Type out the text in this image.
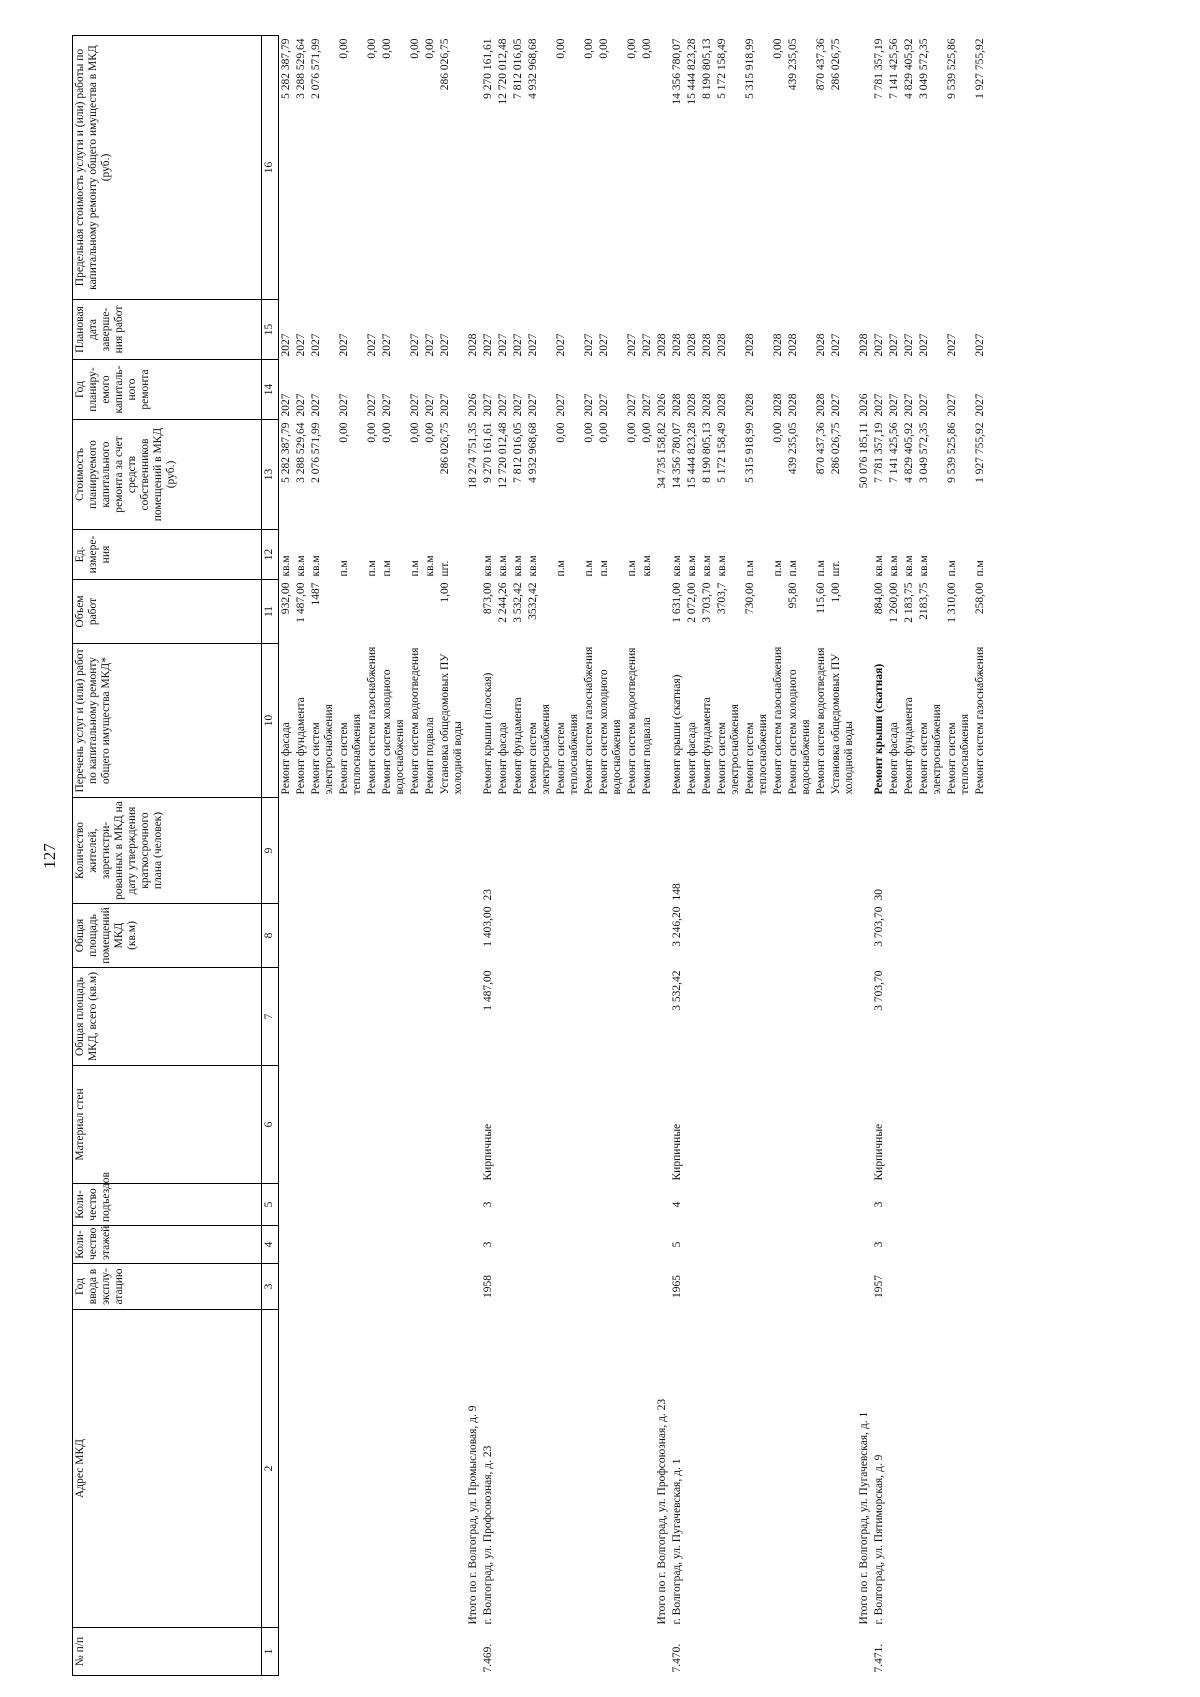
127
№ п/п	Адрес МКД	Год ввода в эксплу-атацию	Коли-чество этажей	Коли-чество подъездов	Материал стен	Общая площадь МКД, всего (кв.м)	Общая площадь помещений МКД (кв.м)	Количество жителей, зарегистри-рованных в МКД на дату утверждения краткосрочного плана (человек)	Перечень услуг и (или) работ по капитальному ремонту общего имущества МКД*	Объем работ	Ед. измере-ния	Стоимость планируемого капитального ремонта за счет средств собственников помещений в МКД (руб.)	Год планиру-емого капиталь-ного ремонта	Плановая дата заверше-ния работ	Предельная стоимость услуги и (или) работы по капитальному ремонту общего имущества в МКД (руб.)
1	2	3	4	5	6	7	8	9	10	11	12	13	14	15	16
									Ремонт фасада	932,00	кв.м	5 282 387,79	2027	2027	5 282 387,79
									Ремонт фундамента	1 487,00	кв.м	3 288 529,64	2027	2027	3 288 529,64
									Ремонт систем электроснабжения	1487	кв.м	2 076 571,99	2027	2027	2 076 571,99
									Ремонт систем теплоснабжения		п.м	0,00	2027	2027	0,00
									Ремонт систем газоснабжения		п.м	0,00	2027	2027	0,00
									Ремонт систем холодного водоснабжения		п.м	0,00	2027	2027	0,00
									Ремонт систем водоотведения		п.м	0,00	2027	2027	0,00
									Ремонт подвала		кв.м	0,00	2027	2027	0,00
									Установка общедомовых ПУ холодной воды	1,00	шт.	286 026,75	2027	2027	286 026,75
	Итого по г. Волгоград, ул. Промысловая, д. 9											18 274 751,35	2026	2028	
7.469.	г. Волгоград, ул. Профсоюзная, д. 23	1958	3	3	Кирпичные	1 487,00	1 403,00	23	Ремонт крыши (плоская)	873,00	кв.м	9 270 161,61	2027	2027	9 270 161,61
									Ремонт фасада	2 244,26	кв.м	12 720 012,48	2027	2027	12 720 012,48
									Ремонт фундамента	3 532,42	кв.м	7 812 016,05	2027	2027	7 812 016,05
									Ремонт систем электроснабжения	3532,42	кв.м	4 932 968,68	2027	2027	4 932 968,68
									Ремонт систем теплоснабжения		п.м	0,00	2027	2027	0,00
									Ремонт систем газоснабжения		п.м	0,00	2027	2027	0,00
									Ремонт систем холодного водоснабжения		п.м	0,00	2027	2027	0,00
									Ремонт систем водоотведения		п.м	0,00	2027	2027	0,00
									Ремонт подвала		кв.м	0,00	2027	2027	0,00
	Итого по г. Волгоград, ул. Профсоюзная, д. 23											34 735 158,82	2026	2028	
7.470.	г. Волгоград, ул. Пугачевская, д. 1	1965	5	4	Кирпичные	3 532,42	3 246,20	148	Ремонт крыши (скатная)	1 631,00	кв.м	14 356 780,07	2028	2028	14 356 780,07
									Ремонт фасада	2 072,00	кв.м	15 444 823,28	2028	2028	15 444 823,28
									Ремонт фундамента	3 703,70	кв.м	8 190 805,13	2028	2028	8 190 805,13
									Ремонт систем электроснабжения	3703,7	кв.м	5 172 158,49	2028	2028	5 172 158,49
									Ремонт систем теплоснабжения	730,00	п.м	5 315 918,99	2028	2028	5 315 918,99
									Ремонт систем газоснабжения		п.м	0,00	2028	2028	0,00
									Ремонт систем холодного водоснабжения	95,80	п.м	439 235,05	2028	2028	439 235,05
									Ремонт систем водоотведения	115,60	п.м	870 437,36	2028	2028	870 437,36
									Установка общедомовых ПУ холодной воды	1,00	шт.	286 026,75	2027	2027	286 026,75
	Итого по г. Волгоград, ул. Пугачевская, д. 1											50 076 185,11	2026	2028	
7.471.	г. Волгоград, ул. Пятиморская, д. 9	1957	3	3	Кирпичные	3 703,70	3 703,70	30	Ремонт крыши (скатная)	884,00	кв.м	7 781 357,19	2027	2027	7 781 357,19
									Ремонт фасада	1 260,00	кв.м	7 141 425,56	2027	2027	7 141 425,56
									Ремонт фундамента	2 183,75	кв.м	4 829 405,92	2027	2027	4 829 405,92
									Ремонт систем электроснабжения	2183,75	кв.м	3 049 572,35	2027	2027	3 049 572,35
									Ремонт систем теплоснабжения	1 310,00	п.м	9 539 525,86	2027	2027	9 539 525,86
									Ремонт систем газоснабжения	258,00	п.м	1 927 755,92	2027	2027	1 927 755,92
